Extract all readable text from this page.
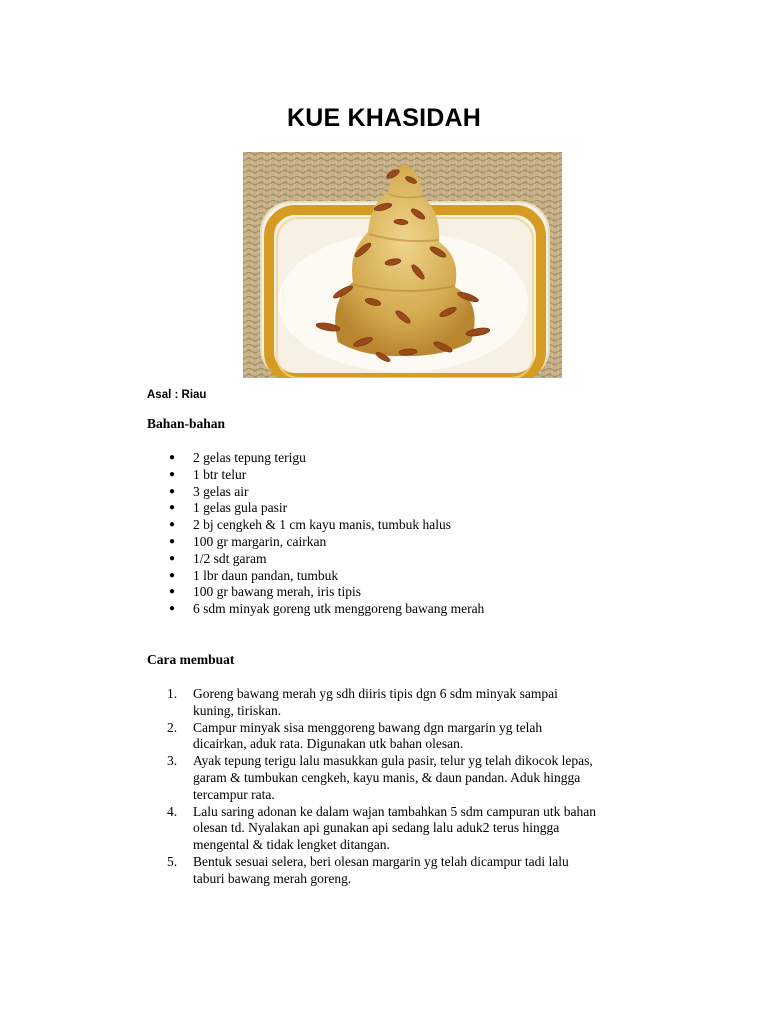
KUE KHASIDAH
Asal : Riau
Bahan-bahan
● 2 gelas tepung terigu
● 1 btr telur
● 3 gelas air
● 1 gelas gula pasir
● 2 bj cengkeh & 1 cm kayu manis, tumbuk halus
● 100 gr margarin, cairkan
● 1/2 sdt garam
● 1 lbr daun pandan, tumbuk
● 100 gr bawang merah, iris tipis
● 6 sdm minyak goreng utk menggoreng bawang merah
Cara membuat
1. Goreng bawang merah yg sdh diiris tipis dgn 6 sdm minyak sampai
kuning, tiriskan.
2. Campur minyak sisa menggoreng bawang dgn margarin yg telah
dicairkan, aduk rata. Digunakan utk bahan olesan.
3. Ayak tepung terigu lalu masukkan gula pasir, telur yg telah dikocok lepas,
garam & tumbukan cengkeh, kayu manis, & daun pandan. Aduk hingga
tercampur rata.
4. Lalu saring adonan ke dalam wajan tambahkan 5 sdm campuran utk bahan
olesan td. Nyalakan api gunakan api sedang lalu aduk2 terus hingga
mengental & tidak lengket ditangan.
5. Bentuk sesuai selera, beri olesan margarin yg telah dicampur tadi lalu
taburi bawang merah goreng.
